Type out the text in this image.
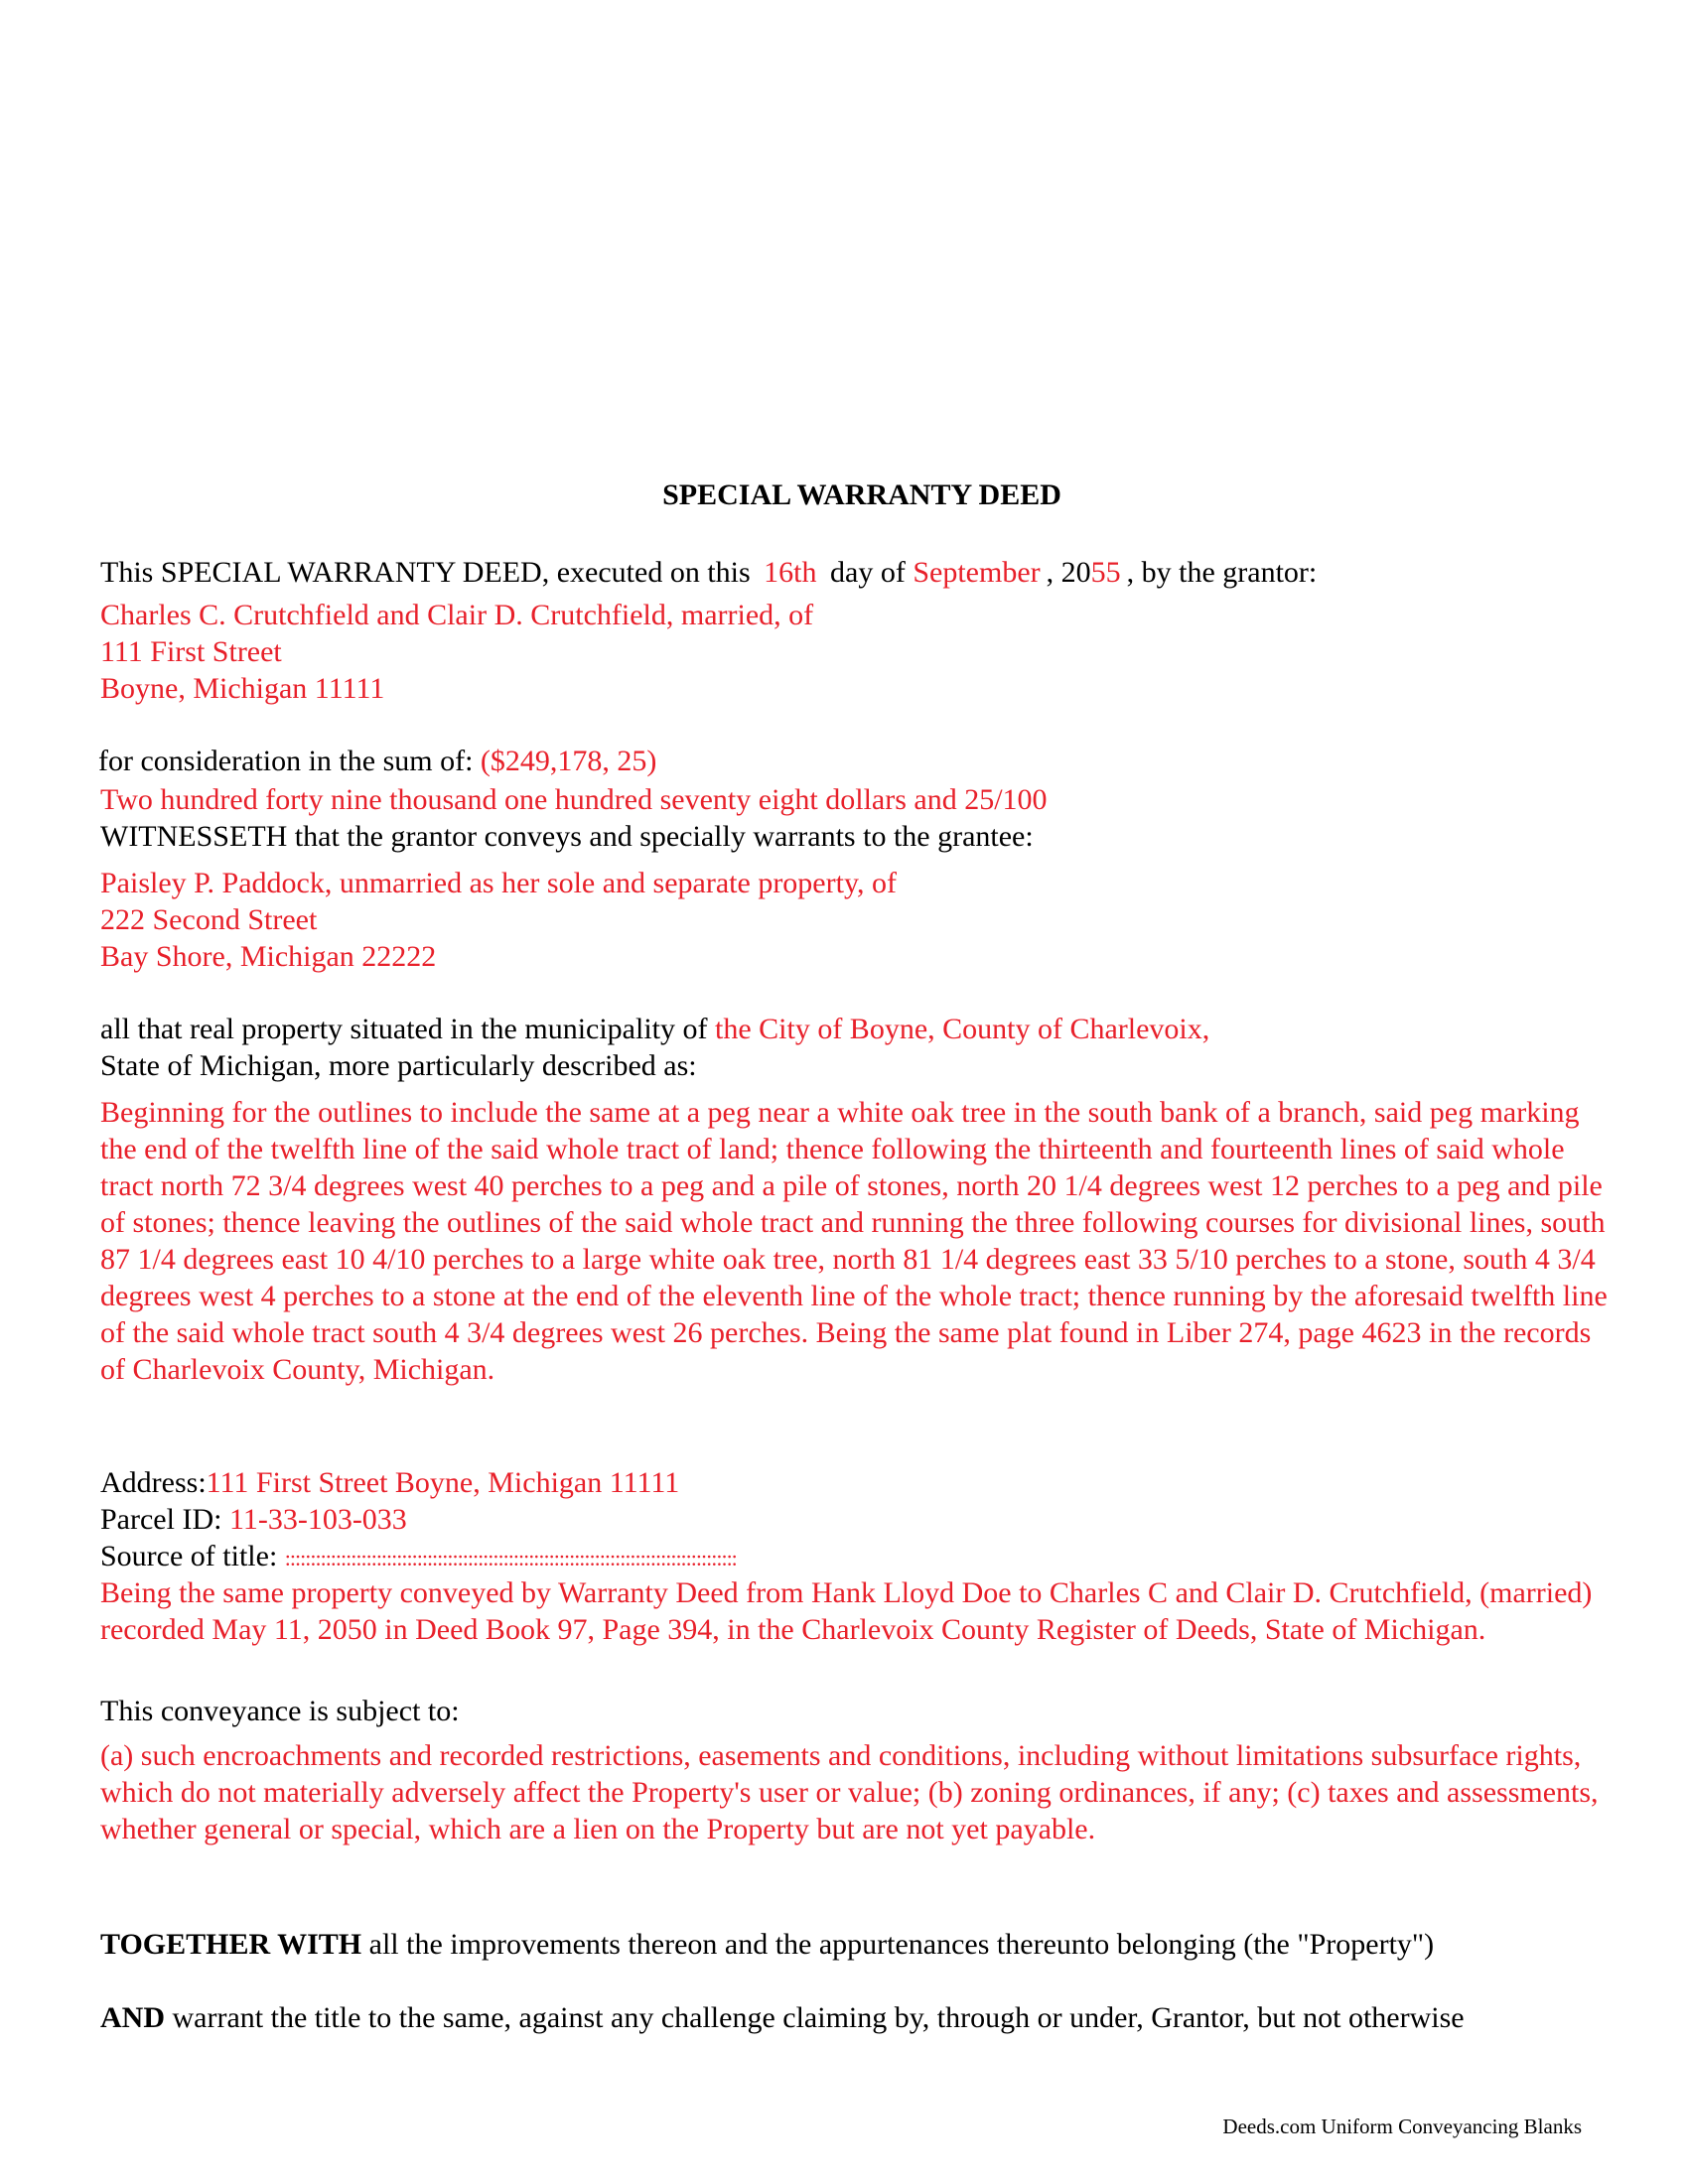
SPECIAL WARRANTY DEED
This SPECIAL WARRANTY DEED, executed on this 16th day of September , 2055 , by the grantor:
Charles C. Crutchfield and Clair D. Crutchfield, married, of
111 First Street
Boyne, Michigan 11111
for consideration in the sum of: ($249,178, 25)
Two hundred forty nine thousand one hundred seventy eight dollars and 25/100
WITNESSETH that the grantor conveys and specially warrants to the grantee:
Paisley P. Paddock, unmarried as her sole and separate property, of
222 Second Street
Bay Shore, Michigan 22222
all that real property situated in the municipality of the City of Boyne, County of Charlevoix,
State of Michigan, more particularly described as:
Beginning for the outlines to include the same at a peg near a white oak tree in the south bank of a branch, said peg marking the end of the twelfth line of the said whole tract of land; thence following the thirteenth and fourteenth lines of said whole tract north 72 3/4 degrees west 40 perches to a peg and a pile of stones, north 20 1/4 degrees west 12 perches to a peg and pile of stones; thence leaving the outlines of the said whole tract and running the three following courses for divisional lines, south 87 1/4 degrees east 10 4/10 perches to a large white oak tree, north 81 1/4 degrees east 33 5/10 perches to a stone, south 4 3/4 degrees west 4 perches to a stone at the end of the eleventh line of the whole tract; thence running by the aforesaid twelfth line of the said whole tract south 4 3/4 degrees west 26 perches. Being the same plat found in Liber 274, page 4623 in the records of Charlevoix County, Michigan.
Address:111 First Street Boyne, Michigan 11111
Parcel ID: 11-33-103-033
Source of title: :::::::::::::::::::::::::::::::::::::::::::::::::::::::::::::::::::::::::::::::::::::::::
Being the same property conveyed by Warranty Deed from Hank Lloyd Doe to Charles C and Clair D. Crutchfield, (married) recorded May 11, 2050 in Deed Book 97, Page 394, in the Charlevoix County Register of Deeds, State of Michigan.
This conveyance is subject to:
(a) such encroachments and recorded restrictions, easements and conditions, including without limitations subsurface rights, which do not materially adversely affect the Property's user or value; (b) zoning ordinances, if any; (c) taxes and assessments, whether general or special, which are a lien on the Property but are not yet payable.
TOGETHER WITH all the improvements thereon and the appurtenances thereunto belonging (the "Property")
AND warrant the title to the same, against any challenge claiming by, through or under, Grantor, but not otherwise
Deeds.com Uniform Conveyancing Blanks
